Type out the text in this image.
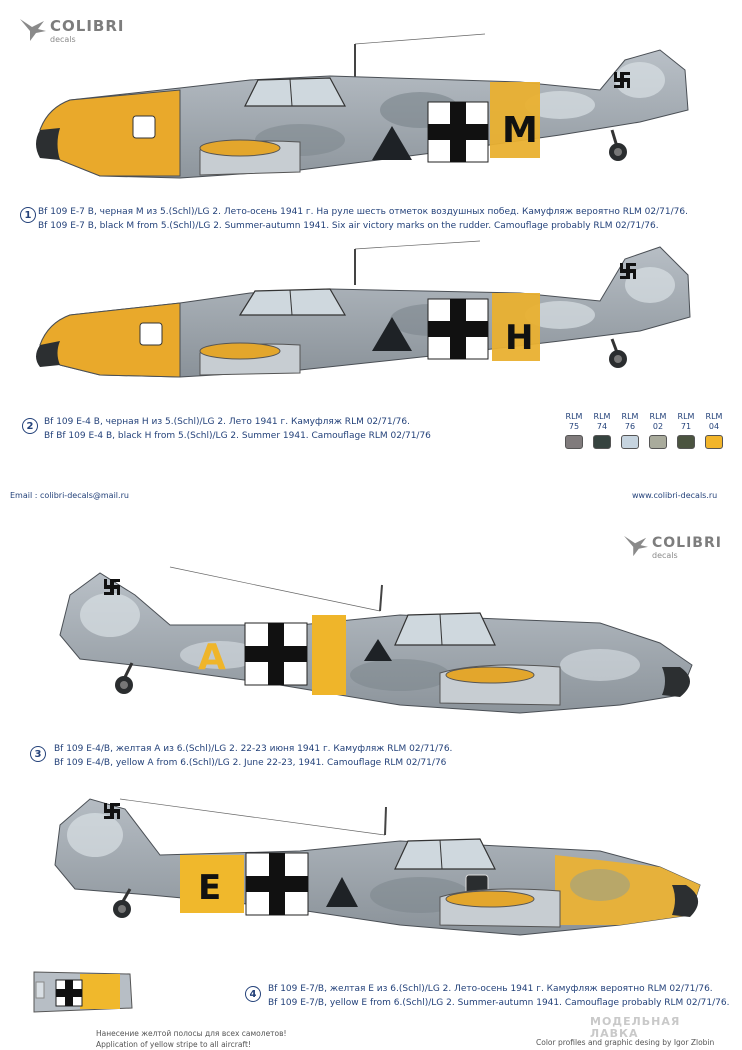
COLIBRI
decals
M
1 Bf 109 E-7 B, черная M из 5.(Schl)/LG 2. Лето-осень 1941 г. На руле шесть отметок воздушных побед. Камуфляж вероятно RLM 02/71/76.
Bf 109 E-7 B, black M from 5.(Schl)/LG 2. Summer-autumn 1941. Six air victory marks on the rudder. Camouflage probably RLM 02/71/76.
H
2	Bf 109 E-4 B, черная H из 5.(Schl)/LG 2. Лето 1941 г. Камуфляж RLM 02/71/76.
Bf Bf 109 E-4 B, black H from 5.(Schl)/LG 2. Summer 1941. Camouflage RLM 02/71/76
RLM
75
RLM
74
RLM
76
RLM
02
RLM
71
RLM
04
Email : colibri-decals@mail.ru	www.colibri-decals.ru
COLIBRI
decals
A
3	Bf 109 E-4/B, желтая A из 6.(Schl)/LG 2. 22-23 июня 1941 г. Камуфляж RLM 02/71/76.
Bf 109 E-4/B, yellow A from 6.(Schl)/LG 2. June 22-23, 1941. Camouflage RLM 02/71/76
E
4	Bf 109 E-7/B, желтая E из 6.(Schl)/LG 2. Лето-осень 1941 г. Камуфляж вероятно RLM 02/71/76.
Bf 109 E-7/B, yellow E from 6.(Schl)/LG 2. Summer-autumn 1941. Camouflage probably RLM 02/71/76.
Нанесение желтой полосы для всех самолетов!
Application of yellow stripe to all aircraft!
МОДЕЛЬНАЯ ЛАВКА
Color profiles and graphic desing by Igor Zlobin
